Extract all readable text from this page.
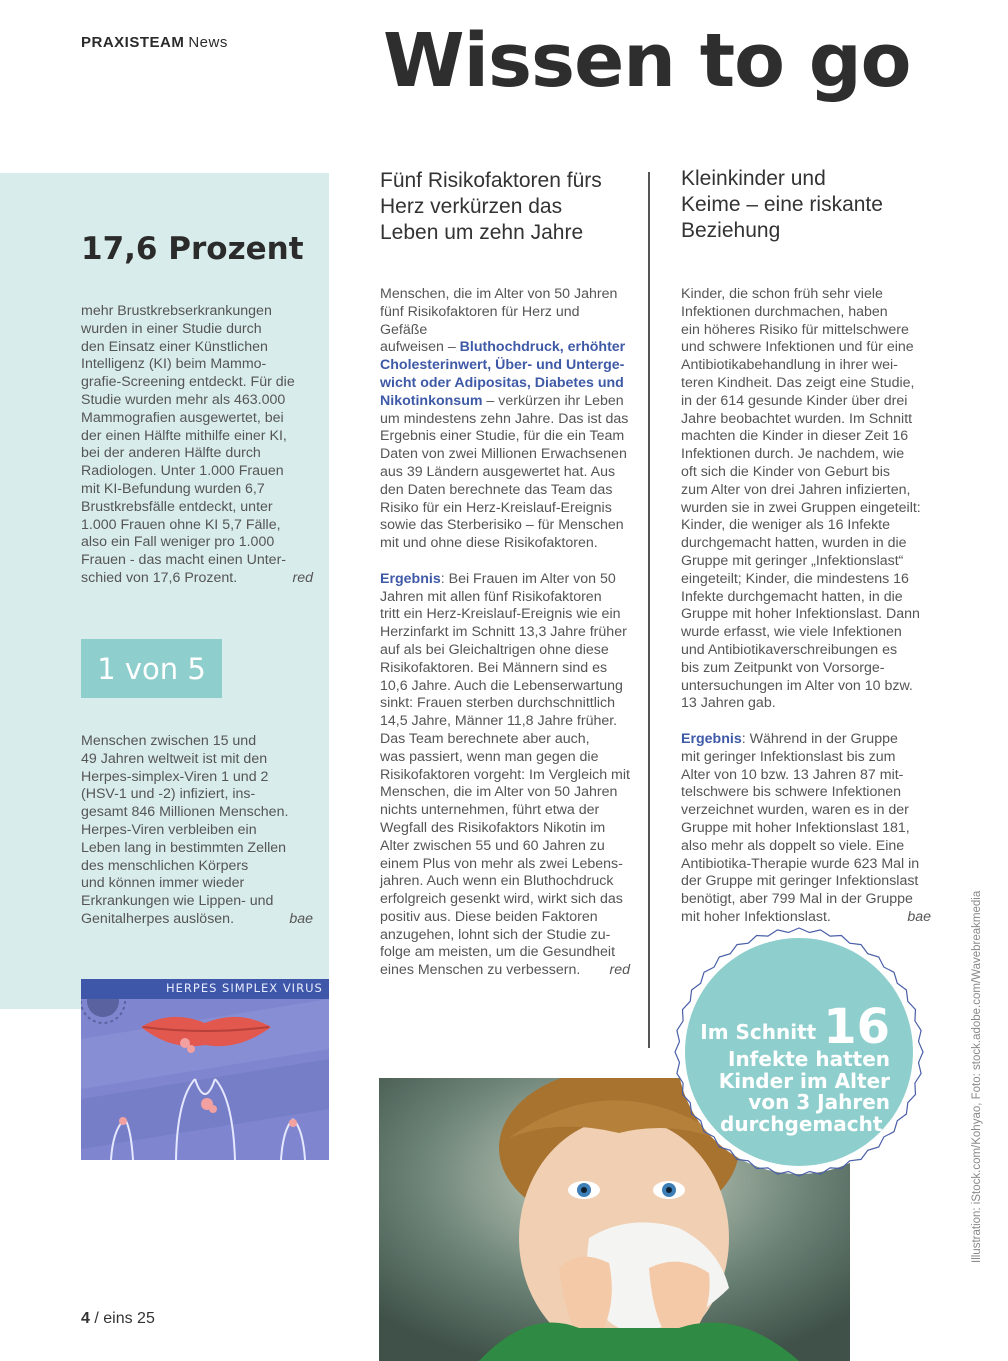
PRAXISTEAM News Wissen to go
17,6 Prozent
mehr Brustkrebserkrankungen
wurden in einer Studie durch
den Einsatz einer Künstlichen
Intelligenz (KI) beim Mammo-
grafie-Screening entdeckt. Für die
Studie wurden mehr als 463.000
Mammografien ausgewertet, bei
der einen Hälfte mithilfe einer KI,
bei der anderen Hälfte durch
Radiologen. Unter 1.000 Frauen
mit KI-Befundung wurden 6,7
Brustkrebsfälle entdeckt, unter
1.000 Frauen ohne KI 5,7 Fälle,
also ein Fall weniger pro 1.000
Frauen - das macht einen Unter-
schied von 17,6 Prozent.	red
1 von 5
Menschen zwischen 15 und
49 Jahren weltweit ist mit den
Herpes-simplex-Viren 1 und 2
(HSV-1 und -2) infiziert, ins-
gesamt 846 Millionen Menschen.
Herpes-Viren verbleiben ein
Leben lang in bestimmten Zellen
des menschlichen Körpers
und können immer wieder
Erkrankungen wie Lippen- und
Genitalherpes auslösen.	bae
HERPES SIMPLEX VIRUS
Fünf Risikofaktoren fürs
Herz verkürzen das
Leben um zehn Jahre
Menschen, die im Alter von 50 Jahren
fünf Risikofaktoren für Herz und Gefäße
aufweisen – Bluthochdruck, erhöhter
Cholesterinwert, Über- und Unterge-
wicht oder Adipositas, Diabetes und
Nikotinkonsum – verkürzen ihr Leben
um mindestens zehn Jahre. Das ist das
Ergebnis einer Studie, für die ein Team
Daten von zwei Millionen Erwachsenen
aus 39 Ländern ausgewertet hat. Aus
den Daten berechnete das Team das
Risiko für ein Herz-Kreislauf-Ereignis
sowie das Sterberisiko – für Menschen
mit und ohne diese Risikofaktoren.

Ergebnis: Bei Frauen im Alter von 50
Jahren mit allen fünf Risikofaktoren
tritt ein Herz-Kreislauf-Ereignis wie ein
Herzinfarkt im Schnitt 13,3 Jahre früher
auf als bei Gleichaltrigen ohne diese
Risikofaktoren. Bei Männern sind es
10,6 Jahre. Auch die Lebenserwartung
sinkt: Frauen sterben durchschnittlich
14,5 Jahre, Männer 11,8 Jahre früher.
Das Team berechnete aber auch,
was passiert, wenn man gegen die
Risikofaktoren vorgeht: Im Vergleich mit
Menschen, die im Alter von 50 Jahren
nichts unternehmen, führt etwa der
Wegfall des Risikofaktors Nikotin im
Alter zwischen 55 und 60 Jahren zu
einem Plus von mehr als zwei Lebens-
jahren. Auch wenn ein Bluthochdruck
erfolgreich gesenkt wird, wirkt sich das
positiv aus. Diese beiden Faktoren
anzugehen, lohnt sich der Studie zu-
folge am meisten, um die Gesundheit
eines Menschen zu verbessern. red
Kleinkinder und
Keime – eine riskante
Beziehung
Kinder, die schon früh sehr viele
Infektionen durchmachen, haben
ein höheres Risiko für mittelschwere
und schwere Infektionen und für eine
Antibiotikabehandlung in ihrer wei-
teren Kindheit. Das zeigt eine Studie,
in der 614 gesunde Kinder über drei
Jahre beobachtet wurden. Im Schnitt
machten die Kinder in dieser Zeit 16
Infektionen durch. Je nachdem, wie
oft sich die Kinder von Geburt bis
zum Alter von drei Jahren infizierten,
wurden sie in zwei Gruppen eingeteilt:
Kinder, die weniger als 16 Infekte
durchgemacht hatten, wurden in die
Gruppe mit geringer „Infektionslast“
eingeteilt; Kinder, die mindestens 16
Infekte durchgemacht hatten, in die
Gruppe mit hoher Infektionslast. Dann
wurde erfasst, wie viele Infektionen
und Antibiotikaverschreibungen es
bis zum Zeitpunkt von Vorsorge-
untersuchungen im Alter von 10 bzw.
13 Jahren gab.

Ergebnis: Während in der Gruppe
mit geringer Infektionslast bis zum
Alter von 10 bzw. 13 Jahren 87 mit-
telschwere bis schwere Infektionen
verzeichnet wurden, waren es in der
Gruppe mit hoher Infektionslast 181,
also mehr als doppelt so viele. Eine
Antibiotika-Therapie wurde 623 Mal in
der Gruppe mit geringer Infektionslast
benötigt, aber 799 Mal in der Gruppe
mit hoher Infektionslast.	bae
Im Schnitt 16
Infekte hatten
Kinder im Alter
von 3 Jahren
durchgemacht.	Illustration: iStock.com/Kohyao, Foto: stock.adobe.com/Wavebreakmedia
4 / eins 25
